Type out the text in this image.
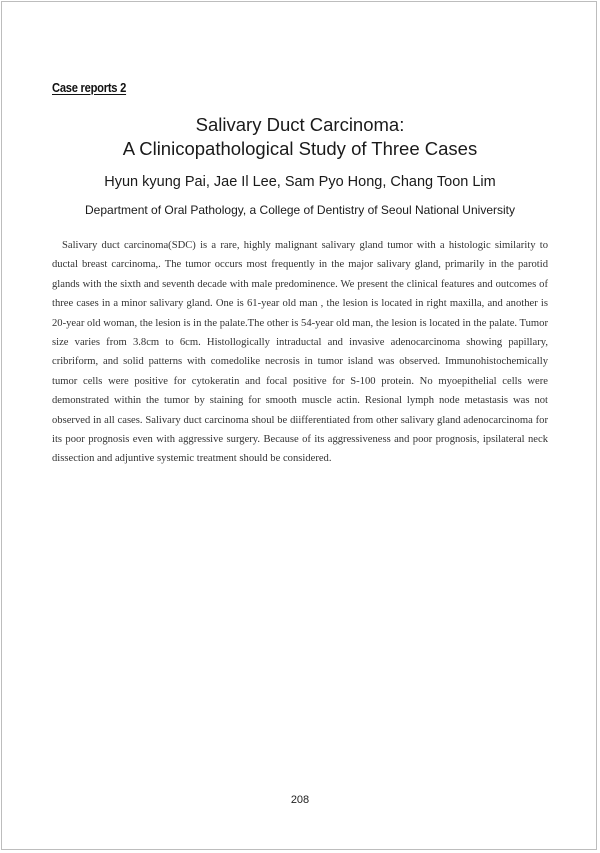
Case reports 2
Salivary Duct Carcinoma:
A Clinicopathological Study of Three Cases
Hyun kyung Pai, Jae Il Lee, Sam Pyo Hong, Chang Toon Lim
Department of Oral Pathology, a College of Dentistry of Seoul National University

Salivary duct carcinoma(SDC) is a rare, highly malignant salivary gland tumor with a histologic similarity to ductal breast carcinoma,. The tumor occurs most frequently in the major salivary gland, primarily in the parotid glands with the sixth and seventh decade with male predominence. We present the clinical features and outcomes of three cases in a minor salivary gland. One is 61-year old man , the lesion is located in right maxilla, and another is 20-year old woman, the lesion is in the palate.The other is 54-year old man, the lesion is located in the palate. Tumor size varies from 3.8cm to 6cm. Histollogically intraductal and invasive adenocarcinoma showing papillary, cribriform, and solid patterns with comedolike necrosis in tumor island was observed. Immunohistochemically tumor cells were positive for cytokeratin and focal positive for S-100 protein. No myoepithelial cells were demonstrated within the tumor by staining for smooth muscle actin. Resional lymph node metastasis was not observed in all cases. Salivary duct carcinoma shoul be diifferentiated from other salivary gland adenocarcinoma for its poor prognosis even with aggressive surgery. Because of its aggressiveness and poor prognosis, ipsilateral neck dissection and adjuntive systemic treatment should be considered.

208
